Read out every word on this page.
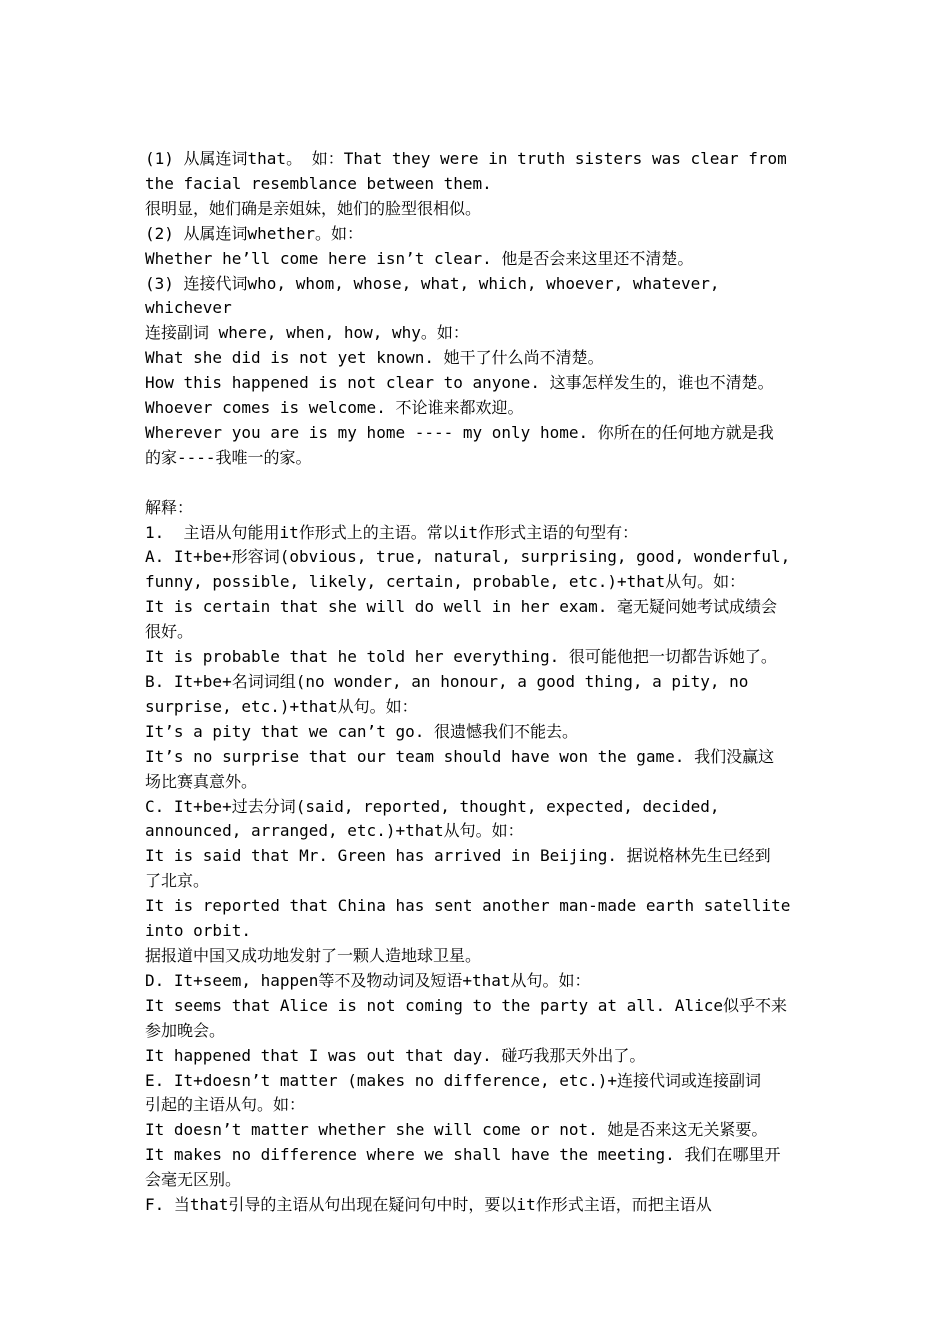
(1) 从属连词that。 如：That they were in truth sisters was clear from
the facial resemblance between them.
很明显，她们确是亲姐妹，她们的脸型很相似。
(2) 从属连词whether。如：
Whether he’ll come here isn’t clear. 他是否会来这里还不清楚。
(3) 连接代词who, whom, whose, what, which, whoever, whatever,
whichever
连接副词 where, when, how, why。如：
What she did is not yet known. 她干了什么尚不清楚。
How this happened is not clear to anyone. 这事怎样发生的，谁也不清楚。
Whoever comes is welcome. 不论谁来都欢迎。
Wherever you are is my home ---- my only home. 你所在的任何地方就是我
的家----我唯一的家。
解释：
1.  主语从句能用it作形式上的主语。常以it作形式主语的句型有：
A. It+be+形容词(obvious, true, natural, surprising, good, wonderful,
funny, possible, likely, certain, probable, etc.)+that从句。如：
It is certain that she will do well in her exam. 毫无疑问她考试成绩会
很好。
It is probable that he told her everything. 很可能他把一切都告诉她了。
B. It+be+名词词组(no wonder, an honour, a good thing, a pity, no
surprise, etc.)+that从句。如：
It’s a pity that we can’t go. 很遗憾我们不能去。
It’s no surprise that our team should have won the game. 我们没赢这
场比赛真意外。
C. It+be+过去分词(said, reported, thought, expected, decided,
announced, arranged, etc.)+that从句。如：
It is said that Mr. Green has arrived in Beijing. 据说格林先生已经到
了北京。
It is reported that China has sent another man-made earth satellite
into orbit.
据报道中国又成功地发射了一颗人造地球卫星。
D. It+seem, happen等不及物动词及短语+that从句。如：
It seems that Alice is not coming to the party at all. Alice似乎不来
参加晚会。
It happened that I was out that day. 碰巧我那天外出了。
E. It+doesn’t matter (makes no difference, etc.)+连接代词或连接副词
引起的主语从句。如：
It doesn’t matter whether she will come or not. 她是否来这无关紧要。
It makes no difference where we shall have the meeting. 我们在哪里开
会毫无区别。
F. 当that引导的主语从句出现在疑问句中时，要以it作形式主语，而把主语从
